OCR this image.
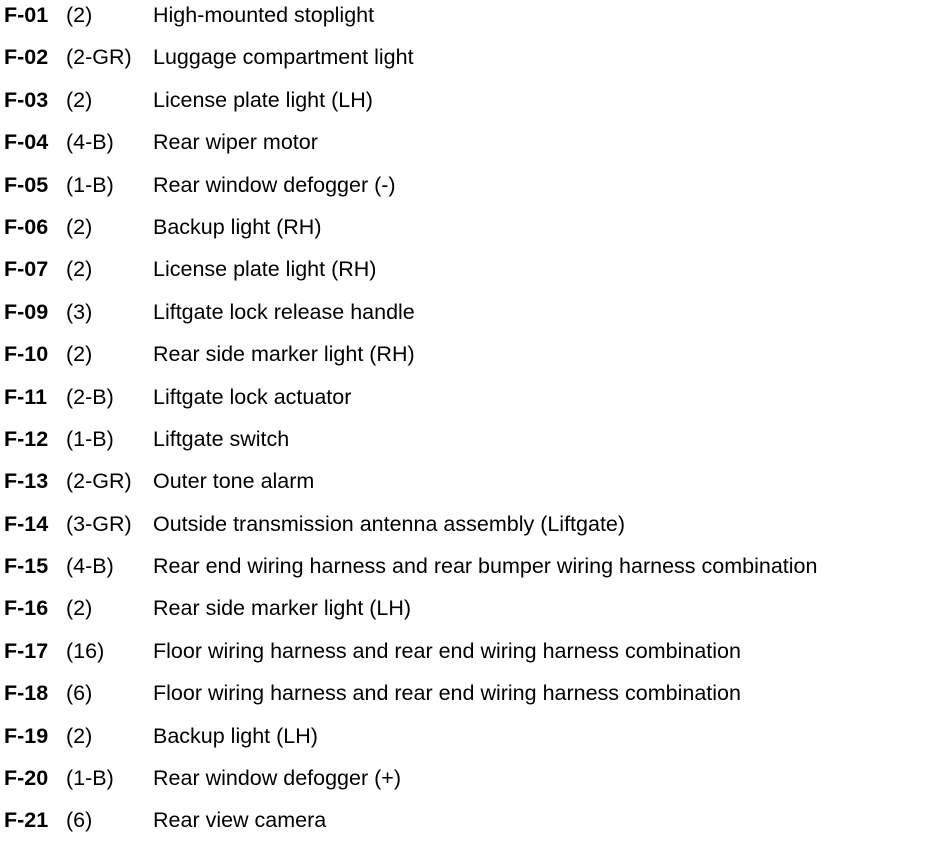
F-01 (2)	High-mounted stoplight
F-02 (2-GR) Luggage compartment light
F-03 (2)	License plate light (LH)
F-04 (4-B)	Rear wiper motor
F-05 (1-B)	Rear window defogger (-)
F-06 (2)	Backup light (RH)
F-07 (2)	License plate light (RH)
F-09 (3)	Liftgate lock release handle
F-10 (2)	Rear side marker light (RH)
F-11 (2-B)	Liftgate lock actuator
F-12 (1-B)	Liftgate switch
F-13 (2-GR) Outer tone alarm
F-14 (3-GR) Outside transmission antenna assembly (Liftgate)
F-15 (4-B)	Rear end wiring harness and rear bumper wiring harness combination
F-16 (2)	Rear side marker light (LH)
F-17 (16)	Floor wiring harness and rear end wiring harness combination
F-18 (6)	Floor wiring harness and rear end wiring harness combination
F-19 (2)	Backup light (LH)
F-20 (1-B)	Rear window defogger (+)
F-21 (6)	Rear view camera
